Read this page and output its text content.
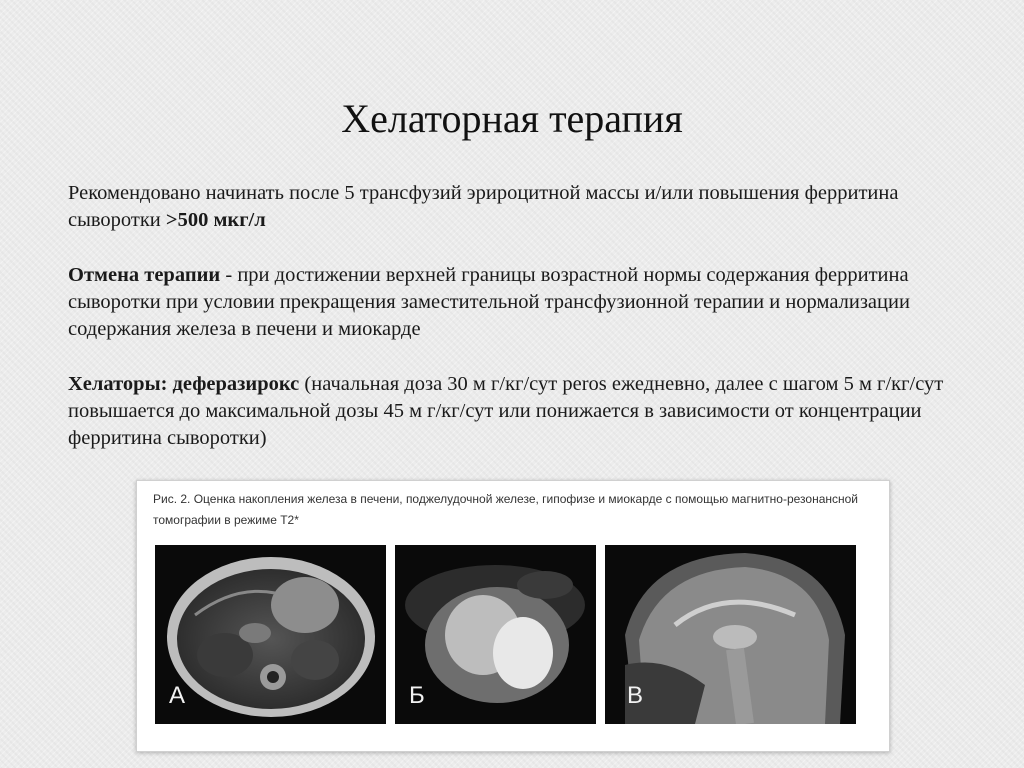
Хелаторная терапия
Рекомендовано начинать после 5 трансфузий эрироцитной массы и/или повышения ферритина сыворотки >500 мкг/л
Отмена терапии - при достижении верхней границы возрастной нормы содержания ферритина сыворотки при условии прекращения заместительной трансфузионной терапии и нормализации содержания железа в печени и миокарде
Хелаторы: деферазирокс (начальная доза 30 м г/кг/сут peros ежедневно, далее с шагом 5 м г/кг/сут повышается до максимальной дозы 45 м г/кг/сут или понижается в зависимости от концентрации ферритина сыворотки)
Рис. 2. Оценка накопления железа в печени, поджелудочной железе, гипофизе и миокарде с помощью магнитно-резонансной томографии в режиме Т2*
А	Б	В
